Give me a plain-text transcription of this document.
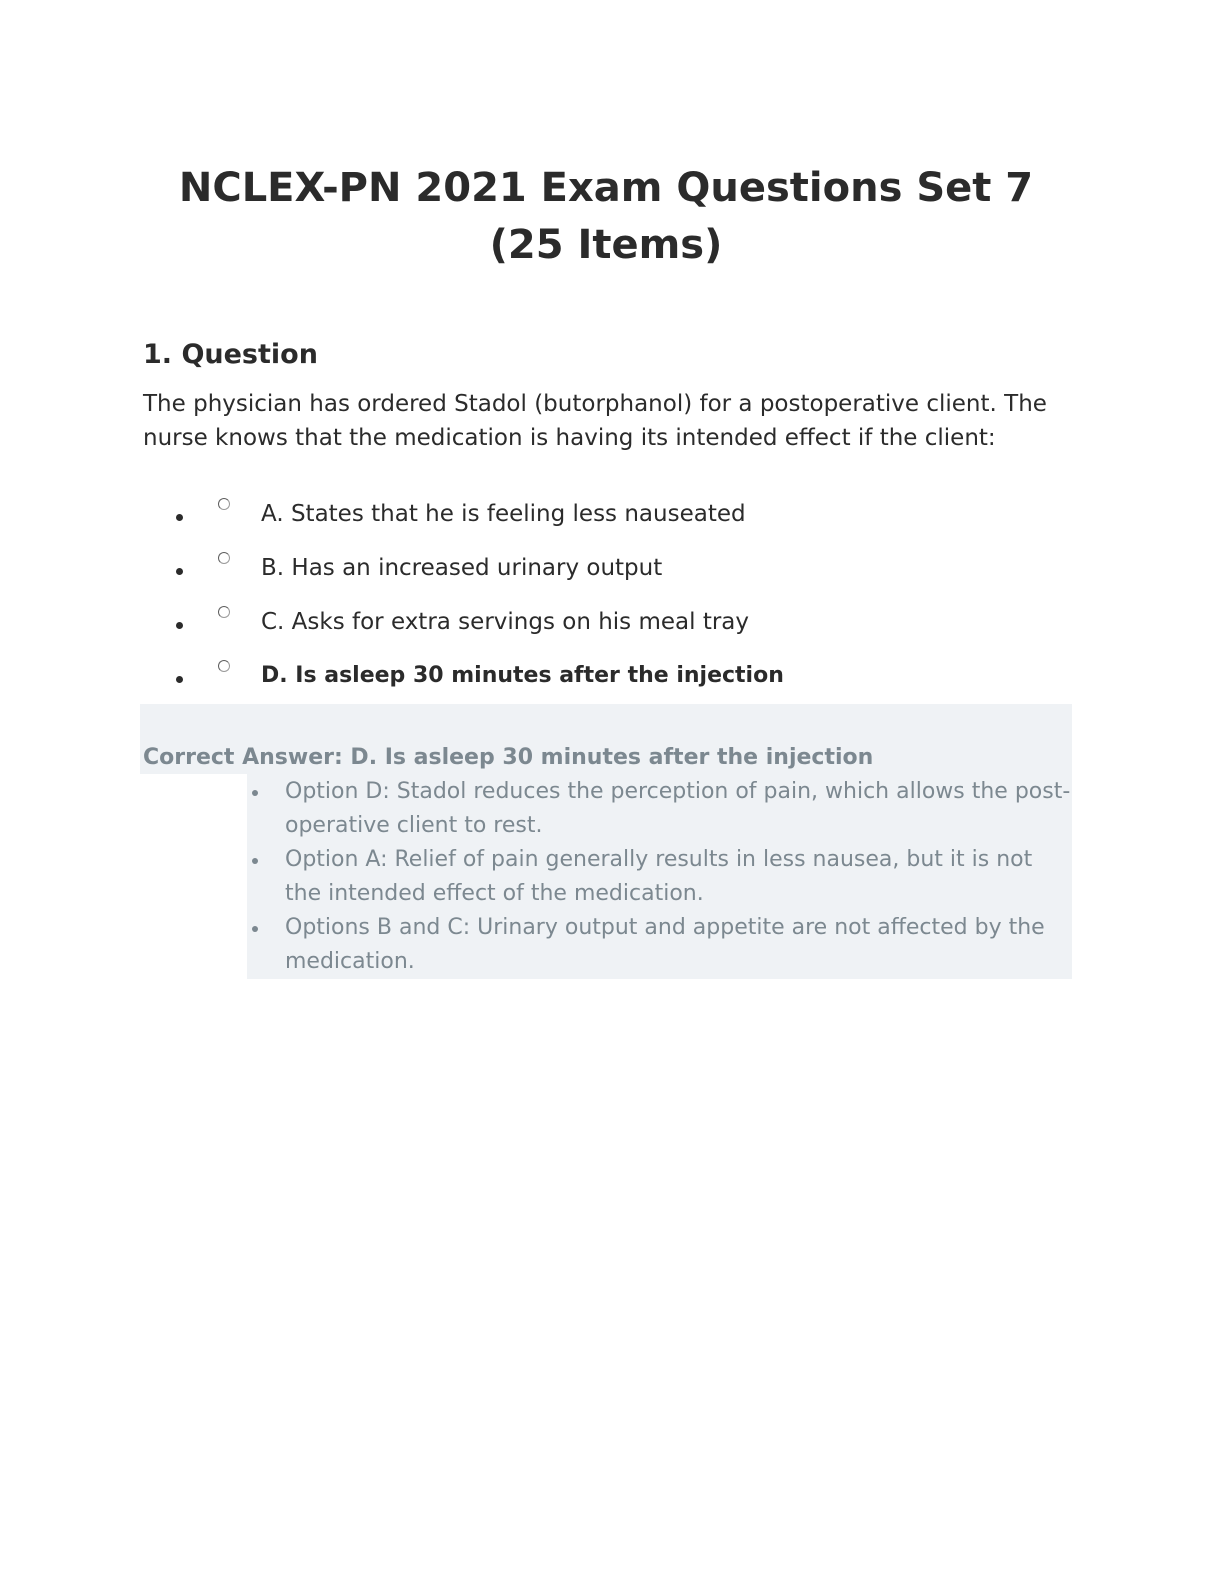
NCLEX-PN 2021 Exam Questions Set 7 (25 Items)
1. Question

The physician has ordered Stadol (butorphanol) for a postoperative client. The nurse knows that the medication is having its intended effect if the client:

A. States that he is feeling less nauseated
B. Has an increased urinary output
C. Asks for extra servings on his meal tray
D. Is asleep 30 minutes after the injection
Correct Answer: D. Is asleep 30 minutes after the injection
Option D: Stadol reduces the perception of pain, which allows the post-operative client to rest.
Option A: Relief of pain generally results in less nausea, but it is not the intended effect of the medication.
Options B and C: Urinary output and appetite are not affected by the medication.
